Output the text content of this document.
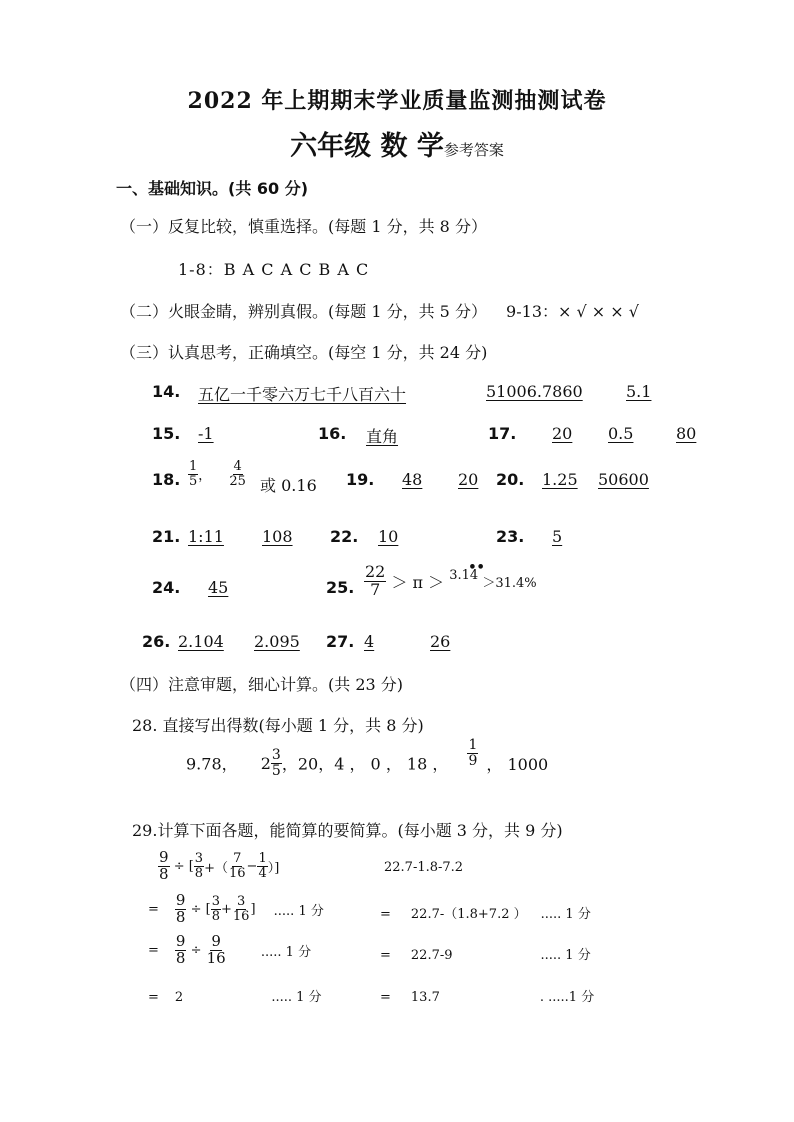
2022 年上期期末学业质量监测抽测试卷
六年级 数 学参考答案
一、基础知识。(共 60 分)
（一）反复比较，慎重选择。(每题 1 分，共 8 分）
1-8：B A C A C B A C
（二）火眼金睛，辨别真假。(每题 1 分，共 5 分） 9-13：× √ × × √
（三）认真思考，正确填空。(每空 1 分，共 24 分)
14. 五亿一千零六万七千八百六十	51006.7860	5.1
15. -1	16. 直角	17. 20 0.5	80
18. $\frac{1}{5}$ ， $\frac{4}{25}$ 或 0.16 19. 48 20 20. 1.25 50600
21. 1:11 108 22. 10	23. 5
24. 45	25. $\frac{22}{7} > \pi$ ＞
$^{•• 3.14}$ ＞31.4%
26. 2.104 2.095 27. 4	26
（四）注意审题，细心计算。(共 23 分)
28. 直接写出得数(每小题 1 分，共 8 分)
9.78， $2 \frac{3}{5}$ ，20，4 ， 0 ， 18 ， $\frac{1}{9}$ ， 1000
29.计算下面各题，能简算的要简算。(每小题 3 分，共 9 分)
$\frac{9}{8}$ ÷ [ $\frac{3}{8}$ +（ $\frac{7}{16} - \frac{1}{4}$ ）]
= $\frac{9}{8}$ ÷ [ $\frac{3}{8} + \frac{3}{16}$ ] ..... 1 分
= $\frac{9}{8} \div \frac{9}{16}$	..... 1 分
= 2	..... 1 分
22.7-1.8-7.2
= 22.7-（1.8+7.2 ） ..... 1 分
= 22.7-9	..... 1 分
= 13.7	. .....1 分
